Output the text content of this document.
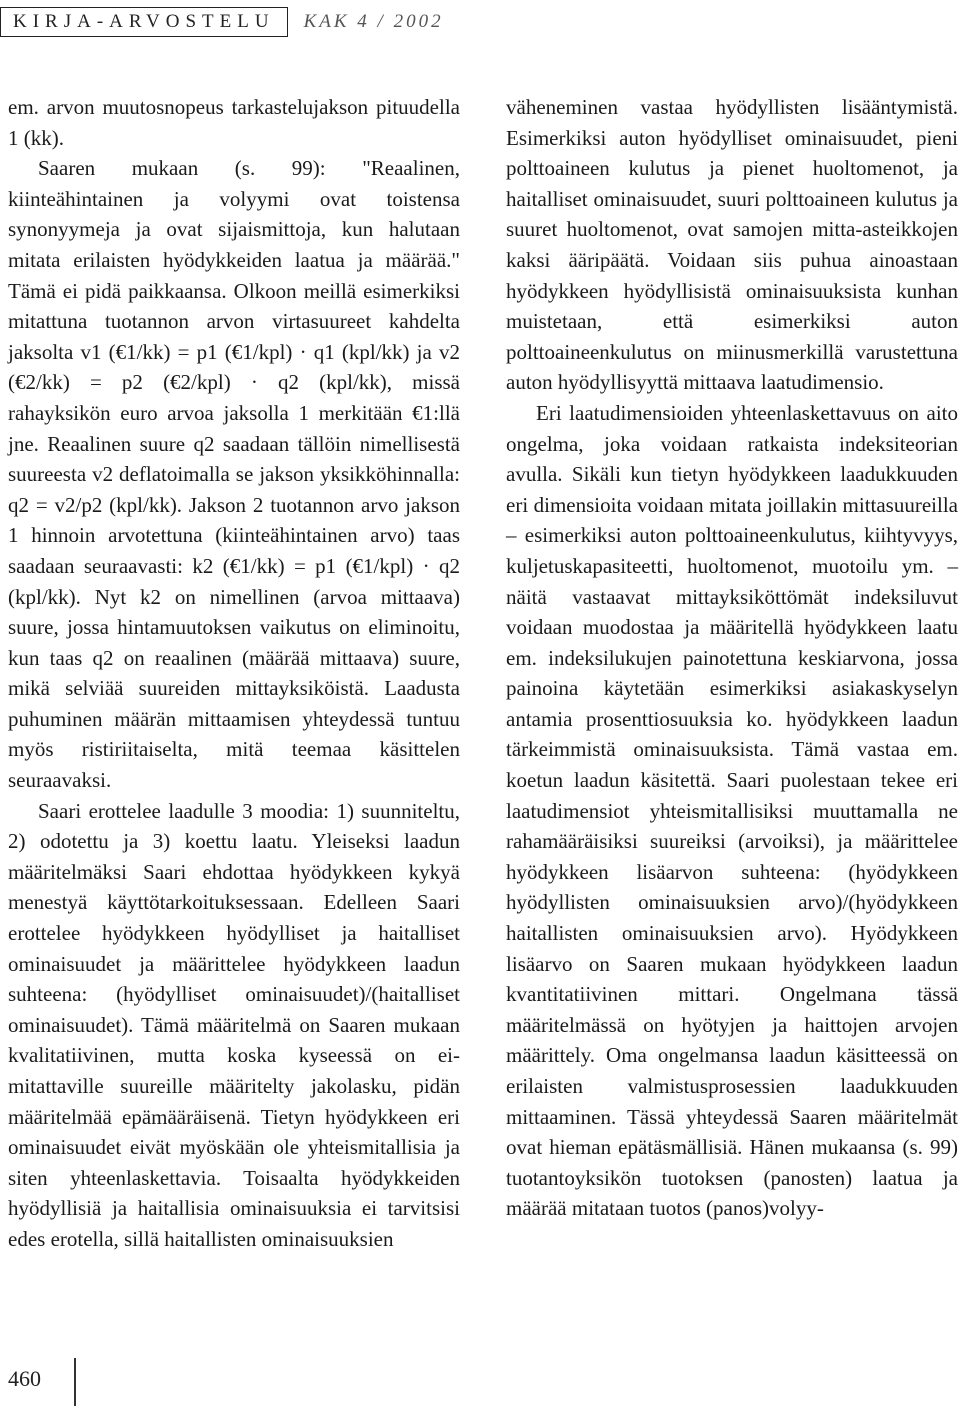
KIRJA-ARVOSTELU	KAK 4 / 2002

em. arvon muutosnopeus tarkastelujakson pituudella 1 (kk).

Saaren mukaan (s. 99): "Reaalinen, kiinteähintainen ja volyymi ovat toistensa synonyymeja ja ovat sijaismittoja, kun halutaan mitata erilaisten hyödykkeiden laatua ja määrää." Tämä ei pidä paikkaansa. Olkoon meillä esimerkiksi mitattuna tuotannon arvon virtasuureet kahdelta jaksolta v1 (€1/kk) = p1 (€1/kpl) · q1 (kpl/kk) ja v2 (€2/kk) = p2 (€2/kpl) · q2 (kpl/kk), missä rahayksikön euro arvoa jaksolla 1 merkitään €1:llä jne. Reaalinen suure q2 saadaan tällöin nimellisestä suureesta v2 deflatoimalla se jakson yksikköhinnalla: q2 = v2/p2 (kpl/kk). Jakson 2 tuotannon arvo jakson 1 hinnoin arvotettuna (kiinteähintainen arvo) taas saadaan seuraavasti: k2 (€1/kk) = p1 (€1/kpl) · q2 (kpl/kk). Nyt k2 on nimellinen (arvoa mittaava) suure, jossa hintamuutoksen vaikutus on eliminoitu, kun taas q2 on reaalinen (määrää mittaava) suure, mikä selviää suureiden mittayksiköistä. Laadusta puhuminen määrän mittaamisen yhteydessä tuntuu myös ristiriitaiselta, mitä teemaa käsittelen seuraavaksi.

Saari erottelee laadulle 3 moodia: 1) suunniteltu, 2) odotettu ja 3) koettu laatu. Yleiseksi laadun määritelmäksi Saari ehdottaa hyödykkeen kykyä menestyä käyttötarkoituksessaan. Edelleen Saari erottelee hyödykkeen hyödylliset ja haitalliset ominaisuudet ja määrittelee hyödykkeen laadun suhteena: (hyödylliset ominaisuudet)/(haitalliset ominaisuudet). Tämä määritelmä on Saaren mukaan kvalitatiivinen, mutta koska kyseessä on ei-mitattaville suureille määritelty jakolasku, pidän määritelmää epämääräisenä. Tietyn hyödykkeen eri ominaisuudet eivät myöskään ole yhteismitallisia ja siten yhteenlaskettavia. Toisaalta hyödykkeiden hyödyllisiä ja haitallisia ominaisuuksia ei tarvitsisi edes erotella, sillä haitallisten ominaisuuksien

väheneminen vastaa hyödyllisten lisääntymistä. Esimerkiksi auton hyödylliset ominaisuudet, pieni polttoaineen kulutus ja pienet huoltomenot, ja haitalliset ominaisuudet, suuri polttoaineen kulutus ja suuret huoltomenot, ovat samojen mitta-asteikkojen kaksi ääripäätä. Voidaan siis puhua ainoastaan hyödykkeen hyödyllisistä ominaisuuksista kunhan muistetaan, että esimerkiksi auton polttoaineenkulutus on miinusmerkillä varustettuna auton hyödyllisyyttä mittaava laatudimensio.

Eri laatudimensioiden yhteenlaskettavuus on aito ongelma, joka voidaan ratkaista indeksiteorian avulla. Sikäli kun tietyn hyödykkeen laadukkuuden eri dimensioita voidaan mitata joillakin mittasuureilla – esimerkiksi auton polttoaineenkulutus, kiihtyvyys, kuljetuskapasiteetti, huoltomenot, muotoilu ym. – näitä vastaavat mittayksiköttömät indeksiluvut voidaan muodostaa ja määritellä hyödykkeen laatu em. indeksilukujen painotettuna keskiarvona, jossa painoina käytetään esimerkiksi asiakaskyselyn antamia prosenttiosuuksia ko. hyödykkeen laadun tärkeimmistä ominaisuuksista. Tämä vastaa em. koetun laadun käsitettä. Saari puolestaan tekee eri laatudimensiot yhteismitallisiksi muuttamalla ne rahamääräisiksi suureiksi (arvoiksi), ja määrittelee hyödykkeen lisäarvon suhteena: (hyödykkeen hyödyllisten ominaisuuksien arvo)/(hyödykkeen haitallisten ominaisuuksien arvo). Hyödykkeen lisäarvo on Saaren mukaan hyödykkeen laadun kvantitatiivinen mittari. Ongelmana tässä määritelmässä on hyötyjen ja haittojen arvojen määrittely. Oma ongelmansa laadun käsitteessä on erilaisten valmistusprosessien laadukkuuden mittaaminen. Tässä yhteydessä Saaren määritelmät ovat hieman epätäsmällisiä. Hänen mukaansa (s. 99) tuotantoyksikön tuotoksen (panosten) laatua ja määrää mitataan tuotos (panos)volyy-

460
